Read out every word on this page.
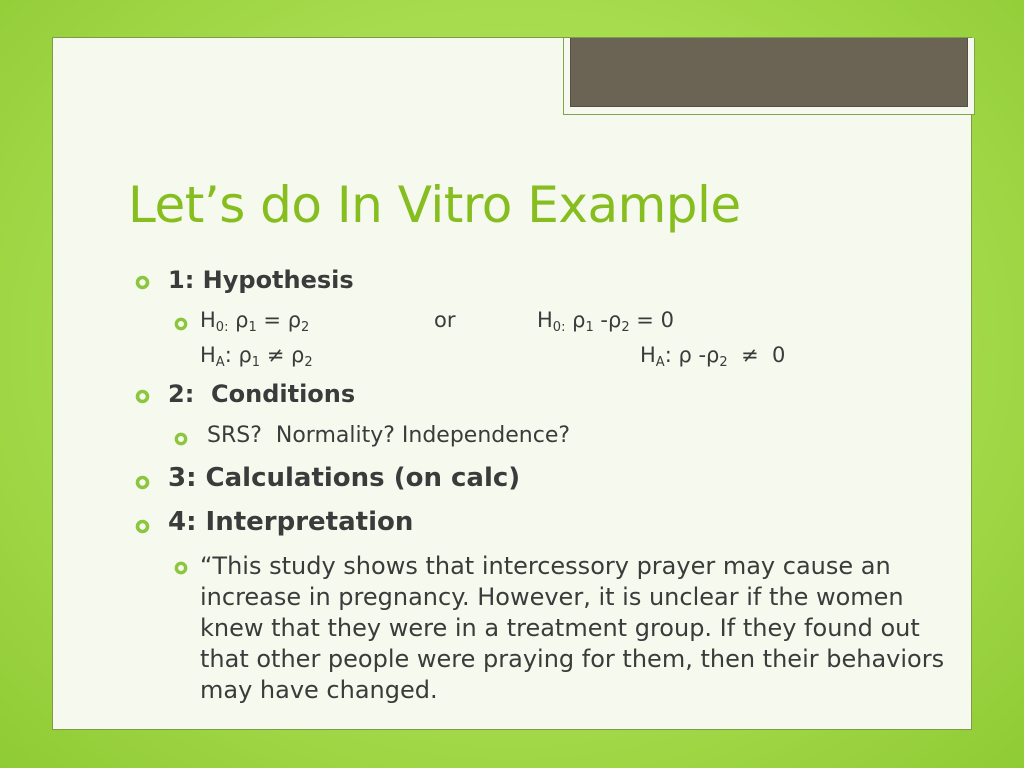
Let’s do In Vitro Example
1: Hypothesis
$H_{0:}$ $\rho_1 = \rho_2$	or	$H_{0:}$ $\rho_1$ $-\rho_2 = 0$
$H_A$: $\rho_1 \ne \rho_2$	$H_A$: ρ $-\rho_2 \ne 0$
2:  Conditions
SRS?  Normality? Independence?
3: Calculations (on calc)
4: Interpretation

“This study shows that intercessory prayer may cause an increase in pregnancy. However, it is unclear if the women knew that they were in a treatment group. If they found out that other people were praying for them, then their behaviors may have changed.
